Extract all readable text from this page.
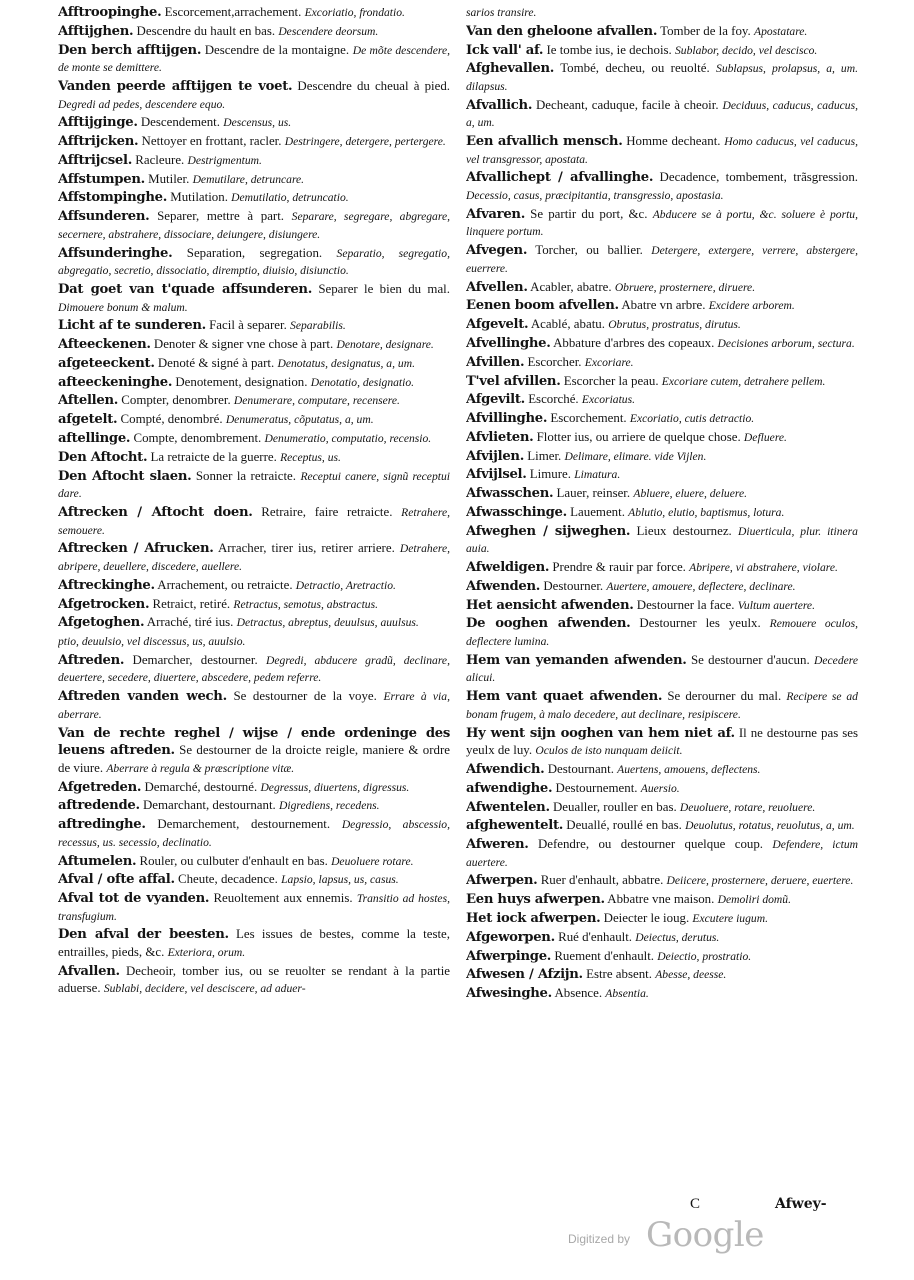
Afftroopinghe. Escorcement,arrachement. Excoriatio, frondatio.

Afftijghen. Descendre du hault en bas. Descendere deorsum.

Den berch afftijgen. Descendre de la montaigne. De mõte descendere, de monte se demittere.

Vanden peerde afftijgen te voet. Descendre du cheual à pied. Degredi ad pedes, descendere equo.

Afftijginge. Descendement. Descensus, us.

Afftrijcken. Nettoyer en frottant, racler. Destringere, detergere, pertergere.

Afftrijcsel. Racleure. Destrigmentum.

Affstumpen. Mutiler. Demutilare, detruncare.

Affstompinghe. Mutilation. Demutilatio, detruncatio.

Affsunderen. Separer, mettre à part. Separare, segregare, abgregare, secernere, abstrahere, dissociare, deiungere, disiungere.

Affsunderinghe. Separation, segregation. Separatio, segregatio, abgregatio, secretio, dissociatio, diremptio, diuisio, disiunctio.

Dat goet van t'quade affsunderen. Separer le bien du mal. Dimouere bonum & malum.

Licht af te sunderen. Facil à separer. Separabilis.

Afteeckenen. Denoter & signer vne chose à part. Denotare, designare.

afgeteeckent. Denoté & signé à part. Denotatus, designatus, a, um.

afteeckeninghe. Denotement, designation. Denotatio, designatio.

Aftellen. Compter, denombrer. Denumerare, computare, recensere.

afgetelt. Compté, denombré. Denumeratus, cõputatus, a, um.

aftellinge. Compte, denombrement. Denumeratio, computatio, recensio.

Den Aftocht. La retraicte de la guerre. Receptus, us.

Den Aftocht slaen. Sonner la retraicte. Receptui canere, signũ receptui dare.

Aftrecken / Aftocht doen. Retraire, faire retraicte. Retrahere, semouere.

Aftrecken / Afrucken. Arracher, tirer ius, retirer arriere. Detrahere, abripere, deuellere, discedere, auellere.

Aftreckinghe. Arrachement, ou retraicte. Detractio, Aretractio.

Afgetrocken. Retraict, retiré. Retractus, semotus, abstractus.

Afgetoghen. Arraché, tiré ius. Detractus, abreptus, deuulsus, auulsus.

ptio, deuulsio, vel discessus, us, auulsio.

Aftreden. Demarcher, destourner. Degredi, abducere gradũ, declinare, deuertere, secedere, diuertere, abscedere, pedem referre.

Aftreden vanden wech. Se destourner de la voye. Errare à via, aberrare.

Van de rechte reghel / wijse / ende ordeninge des leuens aftreden. Se destourner de la droicte reigle, maniere & ordre de viure. Aberrare à regula & præscriptione vitæ.

Afgetreden. Demarché, destourné. Degressus, diuertens, digressus.

aftredende. Demarchant, destournant. Digrediens, recedens.

aftredinghe. Demarchement, destournement. Degressio, abscessio, recessus, us. secessio, declinatio.

Aftumelen. Rouler, ou culbuter d'enhault en bas. Deuoluere rotare.

Afval / ofte affal. Cheute, decadence. Lapsio, lapsus, us, casus.

Afval tot de vyanden. Reuoltement aux ennemis. Transitio ad hostes, transfugium.

Den afval der beesten. Les issues de bestes, comme la teste, entrailles, pieds, &c. Exteriora, orum.

Afvallen. Decheoir, tomber ius, ou se reuolter se rendant à la partie aduerse. Sublabi, decidere, vel desciscere, ad aduer-

sarios transire.

Van den gheloone afvallen. Tomber de la foy. Apostatare.

Ick vall' af. Ie tombe ius, ie dechois. Sublabor, decido, vel descisco.

Afghevallen. Tombé, decheu, ou reuolté. Sublapsus, prolapsus, a, um. dilapsus.

Afvallich. Decheant, caduque, facile à cheoir. Deciduus, caducus, caducus, a, um.

Een afvallich mensch. Homme decheant. Homo caducus, vel caducus, vel transgressor, apostata.

Afvallichept / afvallinghe. Decadence, tombement, trãsgression. Decessio, casus, præcipitantia, transgressio, apostasia.

Afvaren. Se partir du port, &c. Abducere se à portu, &c. soluere è portu, linquere portum.

Afvegen. Torcher, ou ballier. Detergere, extergere, verrere, abstergere, euerrere.

Afvellen. Acabler, abatre. Obruere, prosternere, diruere.

Eenen boom afvellen. Abatre vn arbre. Excidere arborem.

Afgevelt. Acablé, abatu. Obrutus, prostratus, dirutus.

Afvellinghe. Abbature d'arbres des copeaux. Decisiones arborum, sectura.

Afvillen. Escorcher. Excoriare.

T'vel afvillen. Escorcher la peau. Excoriare cutem, detrahere pellem.

Afgevilt. Escorché. Excoriatus.

Afvillinghe. Escorchement. Excoriatio, cutis detractio.

Afvlieten. Flotter ius, ou arriere de quelque chose. Defluere.

Afvijlen. Limer. Delimare, elimare. vide Vijlen.

Afvijlsel. Limure. Limatura.

Afwasschen. Lauer, reinser. Abluere, eluere, deluere.

Afwasschinge. Lauement. Ablutio, elutio, baptismus, lotura.

Afweghen / sijweghen. Lieux destournez. Diuerticula, plur. itinera auia.

Afweldigen. Prendre & rauir par force. Abripere, vi abstrahere, violare.

Afwenden. Destourner. Auertere, amouere, deflectere, declinare.

Het aensicht afwenden. Destourner la face. Vultum auertere.

De ooghen afwenden. Destourner les yeulx. Remouere oculos, deflectere lumina.

Hem van yemanden afwenden. Se destourner d'aucun. Decedere alicui.

Hem vant quaet afwenden. Se derourner du mal. Recipere se ad bonam frugem, à malo decedere, aut declinare, resipiscere.

Hy went sijn ooghen van hem niet af. Il ne destourne pas ses yeulx de luy. Oculos de isto nunquam deiicit.

Afwendich. Destournant. Auertens, amouens, deflectens.

afwendighe. Destournement. Auersio.

Afwentelen. Deualler, rouller en bas. Deuoluere, rotare, reuoluere.

afghewentelt. Deuallé, roullé en bas. Deuolutus, rotatus, reuolutus, a, um.

Afweren. Defendre, ou destourner quelque coup. Defendere, ictum auertere.

Afwerpen. Ruer d'enhault, abbatre. Deiicere, prosternere, deruere, euertere.

Een huys afwerpen. Abbatre vne maison. Demoliri domũ.

Het iock afwerpen. Deiecter le ioug. Excutere iugum.

Afgeworpen. Rué d'enhault. Deiectus, derutus.

Afwerpinge. Ruement d'enhault. Deiectio, prostratio.

Afwesen / Afzijn. Estre absent. Abesse, deesse.

Afwesinghe. Absence. Absentia.

C	Afwey-
Digitized by Google
